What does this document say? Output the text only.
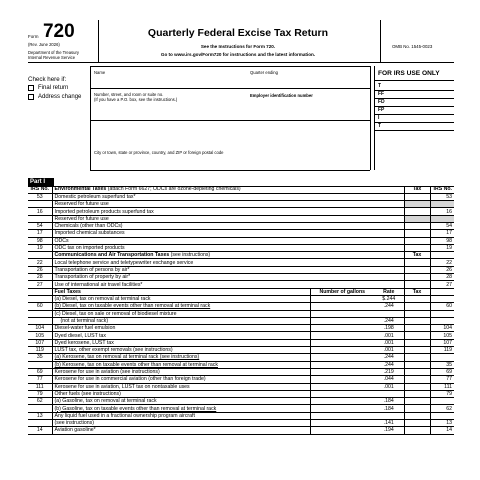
Form 720
(Rev. June 2026)
Department of the Treasury
Internal Revenue Service
Quarterly Federal Excise Tax Return
See the Instructions for Form 720.
Go to www.irs.gov/Form720 for instructions and the latest information.
OMB No. 1545-0023
Check here if:
Final return
Address change
Name	Quarter ending
Number, street, and room or suite no.
(If you have a P.O. box, see the instructions.)
Employer identification number
City or town, state or province, country, and ZIP or foreign postal code
FOR IRS USE ONLY
T
FF
FD
FP
I
T
Part I
IRS No.	Environmental Taxes (attach Form 6627; ODCs are ozone-depleting chemicals)			Tax	IRS No.
53	Domestic petroleum superfund tax*				53
	Reserved for future use				
16	Imported petroleum products superfund tax				16
	Reserved for future use				
54	Chemicals (other than ODCs)				54
17	Imported chemical substances				17
98	ODCs				98
19	ODC tax on imported products				19
	Communications and Air Transportation Taxes (see instructions)			Tax	
22	Local telephone service and teletypewriter exchange service				22
26	Transportation of persons by air*				26
28	Transportation of property by air*				28
27	Use of international air travel facilities*				27
	Fuel Taxes	Number of gallons	Rate	Tax	
	(a) Diesel, tax on removal at terminal rack		$.244		
60	(b) Diesel, tax on taxable events other than removal at terminal rack		.244		60
	(c) Diesel, tax on sale or removal of biodiesel mixture				
	(not at terminal rack)		.244		
104	Diesel-water fuel emulsion		.198		104
105	Dyed diesel, LUST tax		.001		105
107	Dyed kerosene, LUST tax		.001		107
119	LUST tax, other exempt removals (see instructions)		.001		119
35	(a) Kerosene, tax on removal at terminal rack (see instructions)		.244		
	(b) Kerosene, tax on taxable events other than removal at terminal rack		.244		35
69	Kerosene for use in aviation (see instructions)		.219		69
77	Kerosene for use in commercial aviation (other than foreign trade)		.044		77
111	Kerosene for use in aviation, LUST tax on nontaxable uses		.001		111
79	Other fuels (see instructions)				79
62	(a) Gasoline, tax on removal at terminal rack		.184		
	(b) Gasoline, tax on taxable events other than removal at terminal rack		.184		62
13	Any liquid fuel used in a fractional ownership program aircraft				
	(see instructions)		.141		13
14	Aviation gasoline*		.194		14
